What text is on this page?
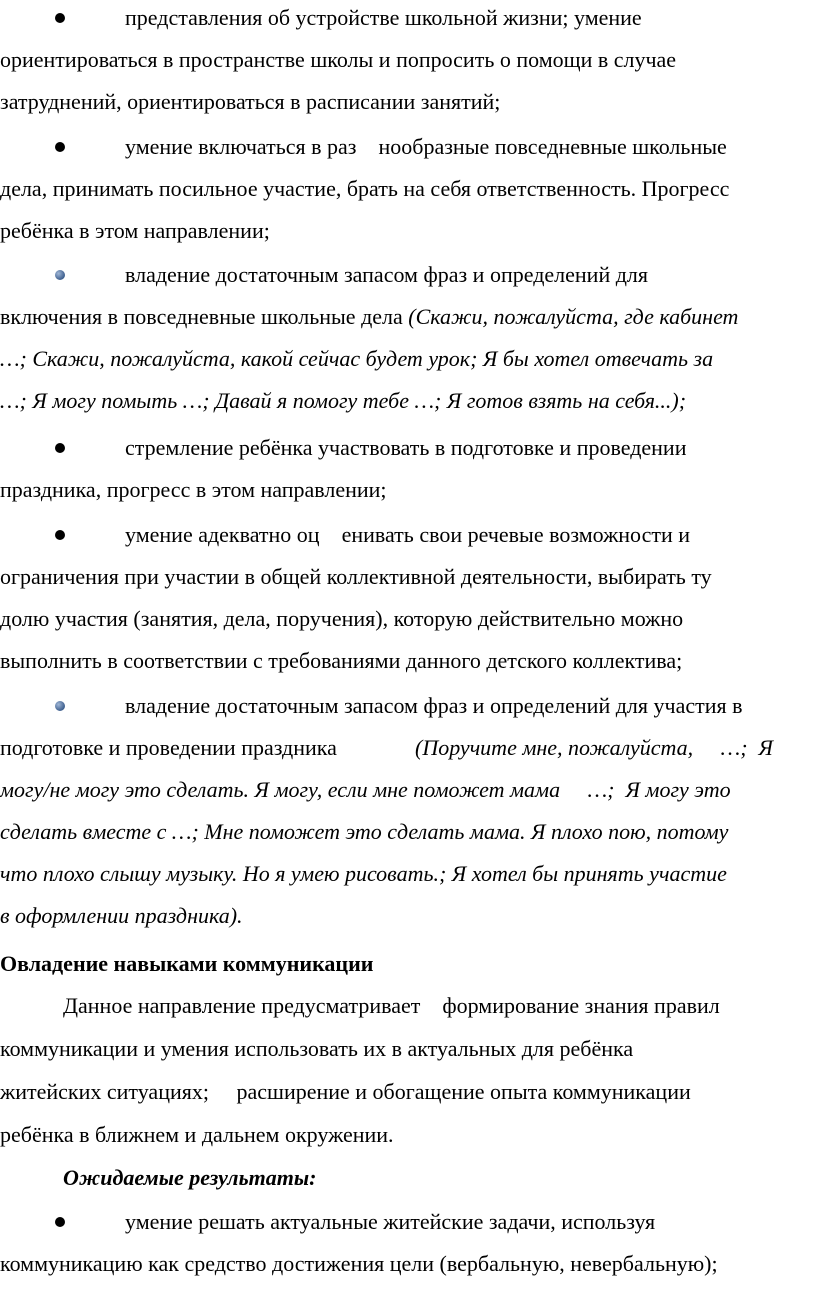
представления об устройстве школьной жизни; умение
ориентироваться в пространстве школы и попросить о помощи в случае
затруднений, ориентироваться в расписании занятий;
умение включаться в раз    нообразные повседневные школьные
дела, принимать посильное участие, брать на себя ответственность. Прогресс
ребёнка в этом направлении;
владение достаточным запасом фраз и определений для
включения в повседневные школьные дела (Скажи, пожалуйста, где кабинет
…; Скажи, пожалуйста, какой сейчас будет урок; Я бы хотел отвечать за
…; Я могу помыть …; Давай я помогу тебе …; Я готов взять на себя...);
стремление ребёнка участвовать в подготовке и проведении
праздника, прогресс в этом направлении;
умение адекватно оц    енивать свои речевые возможности и
ограничения при участии в общей коллективной деятельности, выбирать ту
долю участия (занятия, дела, поручения), которую действительно можно
выполнить в соответствии с требованиями данного детского коллектива;
владение достаточным запасом фраз и определений для участия в
подготовке и проведении праздника	(Поручите мне, пожалуйста,     …;  Я
могу/не могу это сделать. Я могу, если мне поможет мама     …;  Я могу это
сделать вместе с …; Мне поможет это сделать мама. Я плохо пою, потому
что плохо слышу музыку. Но я умею рисовать.; Я хотел бы принять участие
в оформлении праздника).
Овладение навыками коммуникации
Данное направление предусматривает    формирование знания правил
коммуникации и умения использовать их в актуальных для ребёнка
житейских ситуациях;     расширение и обогащение опыта коммуникации
ребёнка в ближнем и дальнем окружении.
Ожидаемые результаты:
умение решать актуальные житейские задачи, используя
коммуникацию как средство достижения цели (вербальную, невербальную);
